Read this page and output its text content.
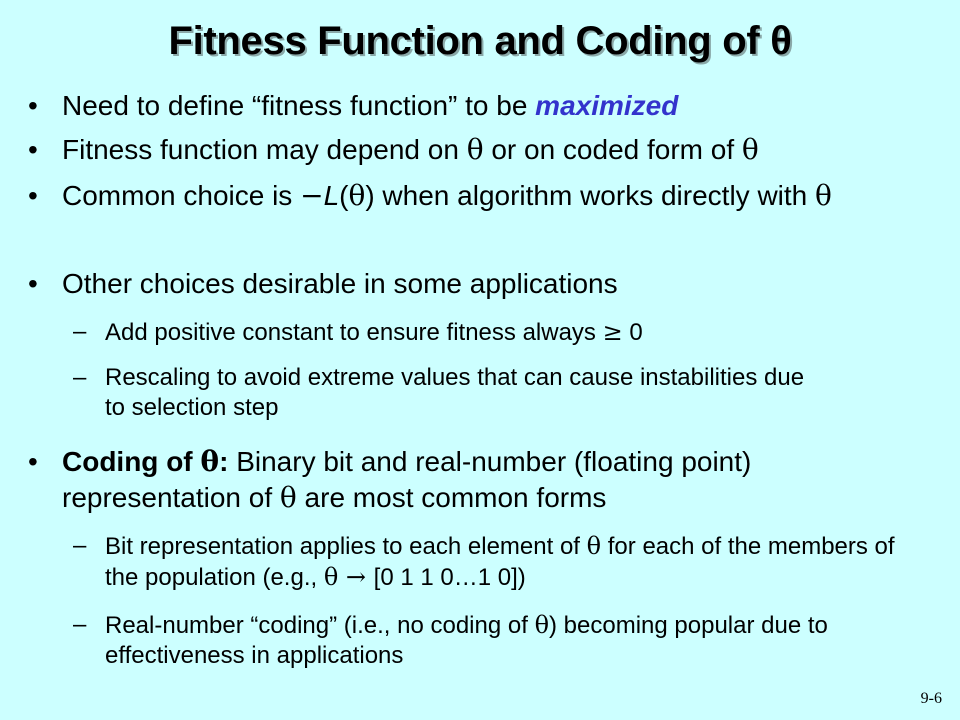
Fitness Function and Coding of θ

• Need to define “fitness function” to be maximized

• Fitness function may depend on θ or on coded form of θ

• Common choice is −L(θ) when algorithm works directly with θ

• Other choices desirable in some applications

– Add positive constant to ensure fitness always ≥ 0

– Rescaling to avoid extreme values that can cause instabilities due to selection step

• Coding of θ: Binary bit and real-number (floating point) representation of θ are most common forms

– Bit representation applies to each element of θ for each of the members of the population (e.g., θ → [0 1 1 0…1 0])

– Real-number “coding” (i.e., no coding of θ) becoming popular due to effectiveness in applications

9-6
